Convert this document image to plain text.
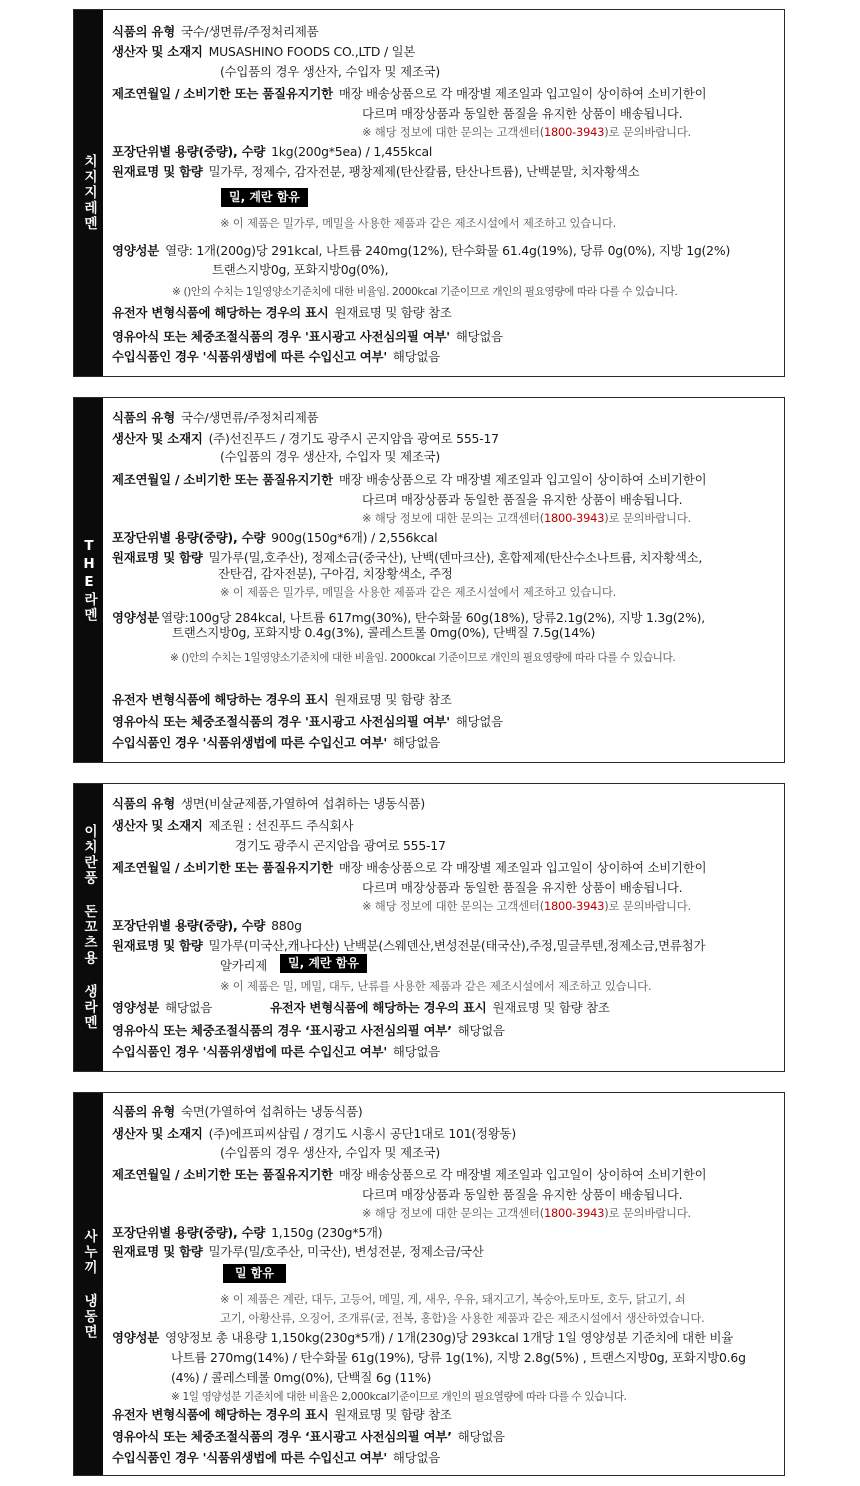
치지지레멘
식품의 유형 국수/생면류/주정처리제품
생산자 및 소재지 MUSASHINO FOODS CO.,LTD / 일본
(수입품의 경우 생산자, 수입자 및 제조국)
제조연월일 / 소비기한 또는 품질유지기한 매장 배송상품으로 각 매장별 제조일과 입고일이 상이하여 소비기한이
다르며 매장상품과 동일한 품질을 유지한 상품이 배송됩니다.
※ 해당 정보에 대한 문의는 고객센터(1800-3943)로 문의바랍니다.
포장단위별 용량(중량), 수량 1kg(200g*5ea) / 1,455kcal
원재료명 및 함량 밀가루, 정제수, 감자전분, 팽창제제(탄산칼륨, 탄산나트륨), 난백분말, 치자황색소
밀, 계란 함유
※ 이 제품은 밀가루, 메밀을 사용한 제품과 같은 제조시설에서 제조하고 있습니다.
영양성분 열량: 1개(200g)당 291kcal, 나트륨 240mg(12%), 탄수화물 61.4g(19%), 당류 0g(0%), 지방 1g(2%)
트랜스지방0g, 포화지방0g(0%),
※ ()안의 수치는 1일영양소기준치에 대한 비율임. 2000kcal 기준이므로 개인의 필요영량에 따라 다를 수 있습니다.
유전자 변형식품에 해당하는 경우의 표시 원재료명 및 함량 참조
영유아식 또는 체중조절식품의 경우 '표시광고 사전심의필 여부' 해당없음
수입식품인 경우 '식품위생법에 따른 수입신고 여부' 해당없음
THE라멘
식품의 유형 국수/생면류/주정처리제품
생산자 및 소재지 (주)선진푸드 / 경기도 광주시 곤지암읍 광여로 555-17
(수입품의 경우 생산자, 수입자 및 제조국)
제조연월일 / 소비기한 또는 품질유지기한 매장 배송상품으로 각 매장별 제조일과 입고일이 상이하여 소비기한이
다르며 매장상품과 동일한 품질을 유지한 상품이 배송됩니다.
※ 해당 정보에 대한 문의는 고객센터(1800-3943)로 문의바랍니다.
포장단위별 용량(중량), 수량 900g(150g*6개) / 2,556kcal
원재료명 및 함량 밀가루(밀,호주산), 정제소금(중국산), 난백(덴마크산), 혼합제제(탄산수소나트륨, 치자황색소,
잔탄검, 감자전분), 구아검, 치장황색소, 주정
※ 이 제품은 밀가루, 메밀을 사용한 제품과 같은 제조시설에서 제조하고 있습니다.
영양성분 열량:100g당 284kcal, 나트륨 617mg(30%), 탄수화물 60g(18%), 당류2.1g(2%), 지방 1.3g(2%),
트랜스지방0g, 포화지방 0.4g(3%), 콜레스트롤 0mg(0%), 단백질 7.5g(14%)
※ ()안의 수치는 1일영양소기준치에 대한 비율임. 2000kcal 기준이므로 개인의 필요영량에 따라 다를 수 있습니다.
유전자 변형식품에 해당하는 경우의 표시 원재료명 및 함량 참조
영유아식 또는 체중조절식품의 경우 '표시광고 사전심의필 여부' 해당없음
수입식품인 경우 '식품위생법에 따른 수입신고 여부' 해당없음
이치란풍 돈꼬츠용 생라멘
식품의 유형 생면(비살균제품,가열하여 섭취하는 냉동식품)
생산자 및 소재지 제조원 : 선진푸드 주식회사
경기도 광주시 곤지암읍 광여로 555-17
제조연월일 / 소비기한 또는 품질유지기한 매장 배송상품으로 각 매장별 제조일과 입고일이 상이하여 소비기한이
다르며 매장상품과 동일한 품질을 유지한 상품이 배송됩니다.
※ 해당 정보에 대한 문의는 고객센터(1800-3943)로 문의바랍니다.
포장단위별 용량(중량), 수량 880g
원재료명 및 함량 밀가루(미국산,캐나다산) 난백분(스웨덴산,변성전분(태국산),주정,밀글루텐,정제소금,면류첨가
알카리제	밀, 계란 함유
※ 이 제품은 밀, 메밀, 대두, 난류를 사용한 제품과 같은 제조시설에서 제조하고 있습니다.
영양성분 해당없음	유전자 변형식품에 해당하는 경우의 표시 원재료명 및 함량 참조
영유아식 또는 체중조절식품의 경우 ‘표시광고 사전심의필 여부’ 해당없음
수입식품인 경우 '식품위생법에 따른 수입신고 여부' 해당없음
사누끼 냉동면
식품의 유형 숙면(가열하여 섭취하는 냉동식품)
생산자 및 소재지 (주)에프피씨삼립 / 경기도 시흥시 공단1대로 101(정왕동)
(수입품의 경우 생산자, 수입자 및 제조국)
제조연월일 / 소비기한 또는 품질유지기한 매장 배송상품으로 각 매장별 제조일과 입고일이 상이하여 소비기한이
다르며 매장상품과 동일한 품질을 유지한 상품이 배송됩니다.
※ 해당 정보에 대한 문의는 고객센터(1800-3943)로 문의바랍니다.
포장단위별 용량(중량), 수량 1,150g (230g*5개)
원재료명 및 함량 밀가루(밀/호주산, 미국산), 변성전분, 정제소금/국산
밀 함유
※ 이 제품은 계란, 대두, 고등어, 메밀, 게, 새우, 우유, 돼지고기, 복숭아,토마토, 호두, 닭고기, 쇠
고기, 아황산류, 오징어, 조개류(굴, 전복, 홍합)을 사용한 제품과 같은 제조시설에서 생산하였습니다.
영양성분 영양정보 총 내용량 1,150kg(230g*5개) / 1개(230g)당 293kcal 1개당 1일 영양성분 기준치에 대한 비율
나트륨 270mg(14%) / 탄수화물 61g(19%), 당류 1g(1%), 지방 2.8g(5%) , 트랜스지방0g, 포화지방0.6g
(4%) / 콜레스테롤 0mg(0%), 단백질 6g (11%)
※ 1일 영양성분 기준치에 대한 비율은 2,000kcal기준이므로 개인의 필요열량에 따라 다를 수 있습니다.
유전자 변형식품에 해당하는 경우의 표시 원재료명 및 함량 참조
영유아식 또는 체중조절식품의 경우 ‘표시광고 사전심의필 여부’ 해당없음
수입식품인 경우 '식품위생법에 따른 수입신고 여부' 해당없음
